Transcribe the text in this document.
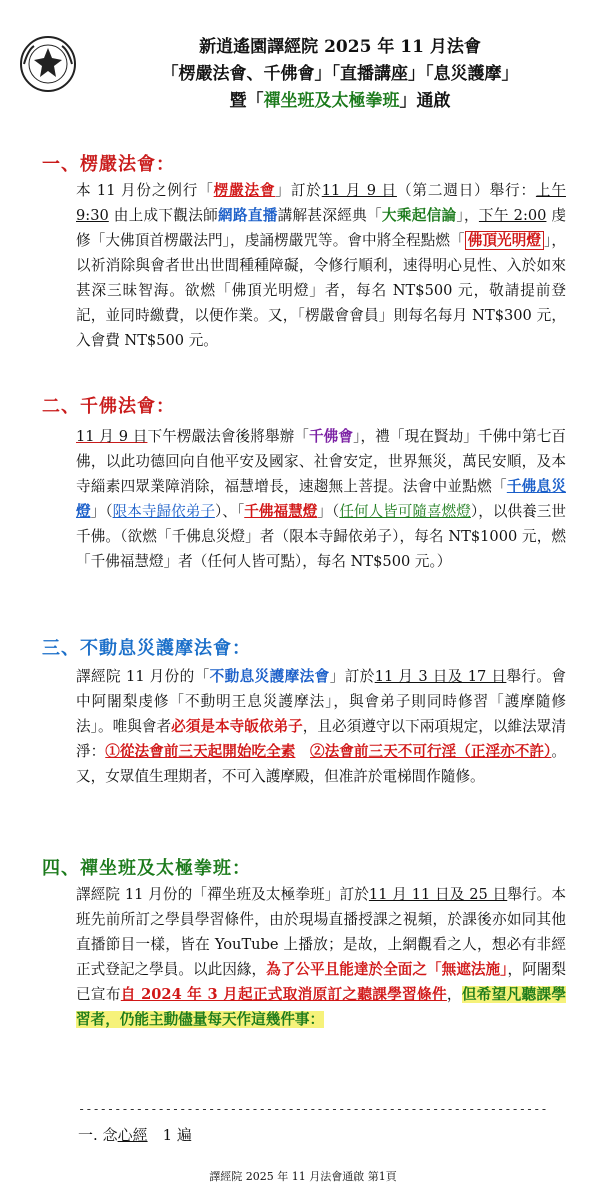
新逍遙園譯經院 2025 年 11 月法會
「楞嚴法會、千佛會」「直播講座」「息災護摩」
暨「禪坐班及太極拳班」通啟
一、楞嚴法會：
本 11 月份之例行「楞嚴法會」訂於11 月 9 日（第二週日）舉行：上午 9:30 由上成下觀法師網路直播講解甚深經典「大乘起信論」，下午 2:00 虔修「大佛頂首楞嚴法門」，虔誦楞嚴咒等。會中將全程點燃「 佛頂光明燈 」，以祈消除與會者世出世間種種障礙，令修行順利，速得明心見性、入於如來甚深三昧智海。欲燃「佛頂光明燈」者，每名 NT$500 元，敬請提前登記，並同時繳費，以便作業。又，「楞嚴會會員」則每名每月 NT$300 元，入會費 NT$500 元。
二、千佛法會：
11 月 9 日下午楞嚴法會後將舉辦「千佛會」，禮「現在賢劫」千佛中第七百佛，以此功德回向自他平安及國家、社會安定，世界無災，萬民安順，及本寺緇素四眾業障消除，福慧增長，速趨無上菩提。法會中並點燃「千佛息災燈」（限本寺歸依弟子）、「千佛福慧燈」（任何人皆可隨喜燃燈），以供養三世千佛。（欲燃「千佛息災燈」者（限本寺歸依弟子），每名 NT$1000 元，燃「千佛福慧燈」者（任何人皆可點），每名 NT$500 元。）
三、不動息災護摩法會：
譯經院 11 月份的「不動息災護摩法會」訂於11 月 3 日及 17 日舉行。會中阿闍梨虔修「不動明王息災護摩法」，與會弟子則同時修習「護摩隨修法」。唯與會者必須是本寺皈依弟子，且必須遵守以下兩項規定，以維法眾清淨：①從法會前三天起開始吃全素　 ②法會前三天不可行淫（正淫亦不許）。又，女眾值生理期者，不可入護摩殿，但准許於電梯間作隨修。
四、禪坐班及太極拳班：
譯經院 11 月份的「禪坐班及太極拳班」訂於11 月 11 日及 25 日舉行。本班先前所訂之學員學習條件，由於現場直播授課之視頻，於課後亦如同其他直播節目一樣，皆在 YouTube 上播放；是故，上網觀看之人，想必有非經正式登記之學員。以此因緣，為了公平且能達於全面之「無遮法施」，阿闍梨已宣布自 2024 年 3 月起正式取消原訂之聽課學習條件，但希望凡聽課學習者，仍能主動儘量每天作這幾件事：
-----------------------------------------------------------------
一. 念心經　1 遍
譯經院 2025 年 11 月法會通啟 第1頁
